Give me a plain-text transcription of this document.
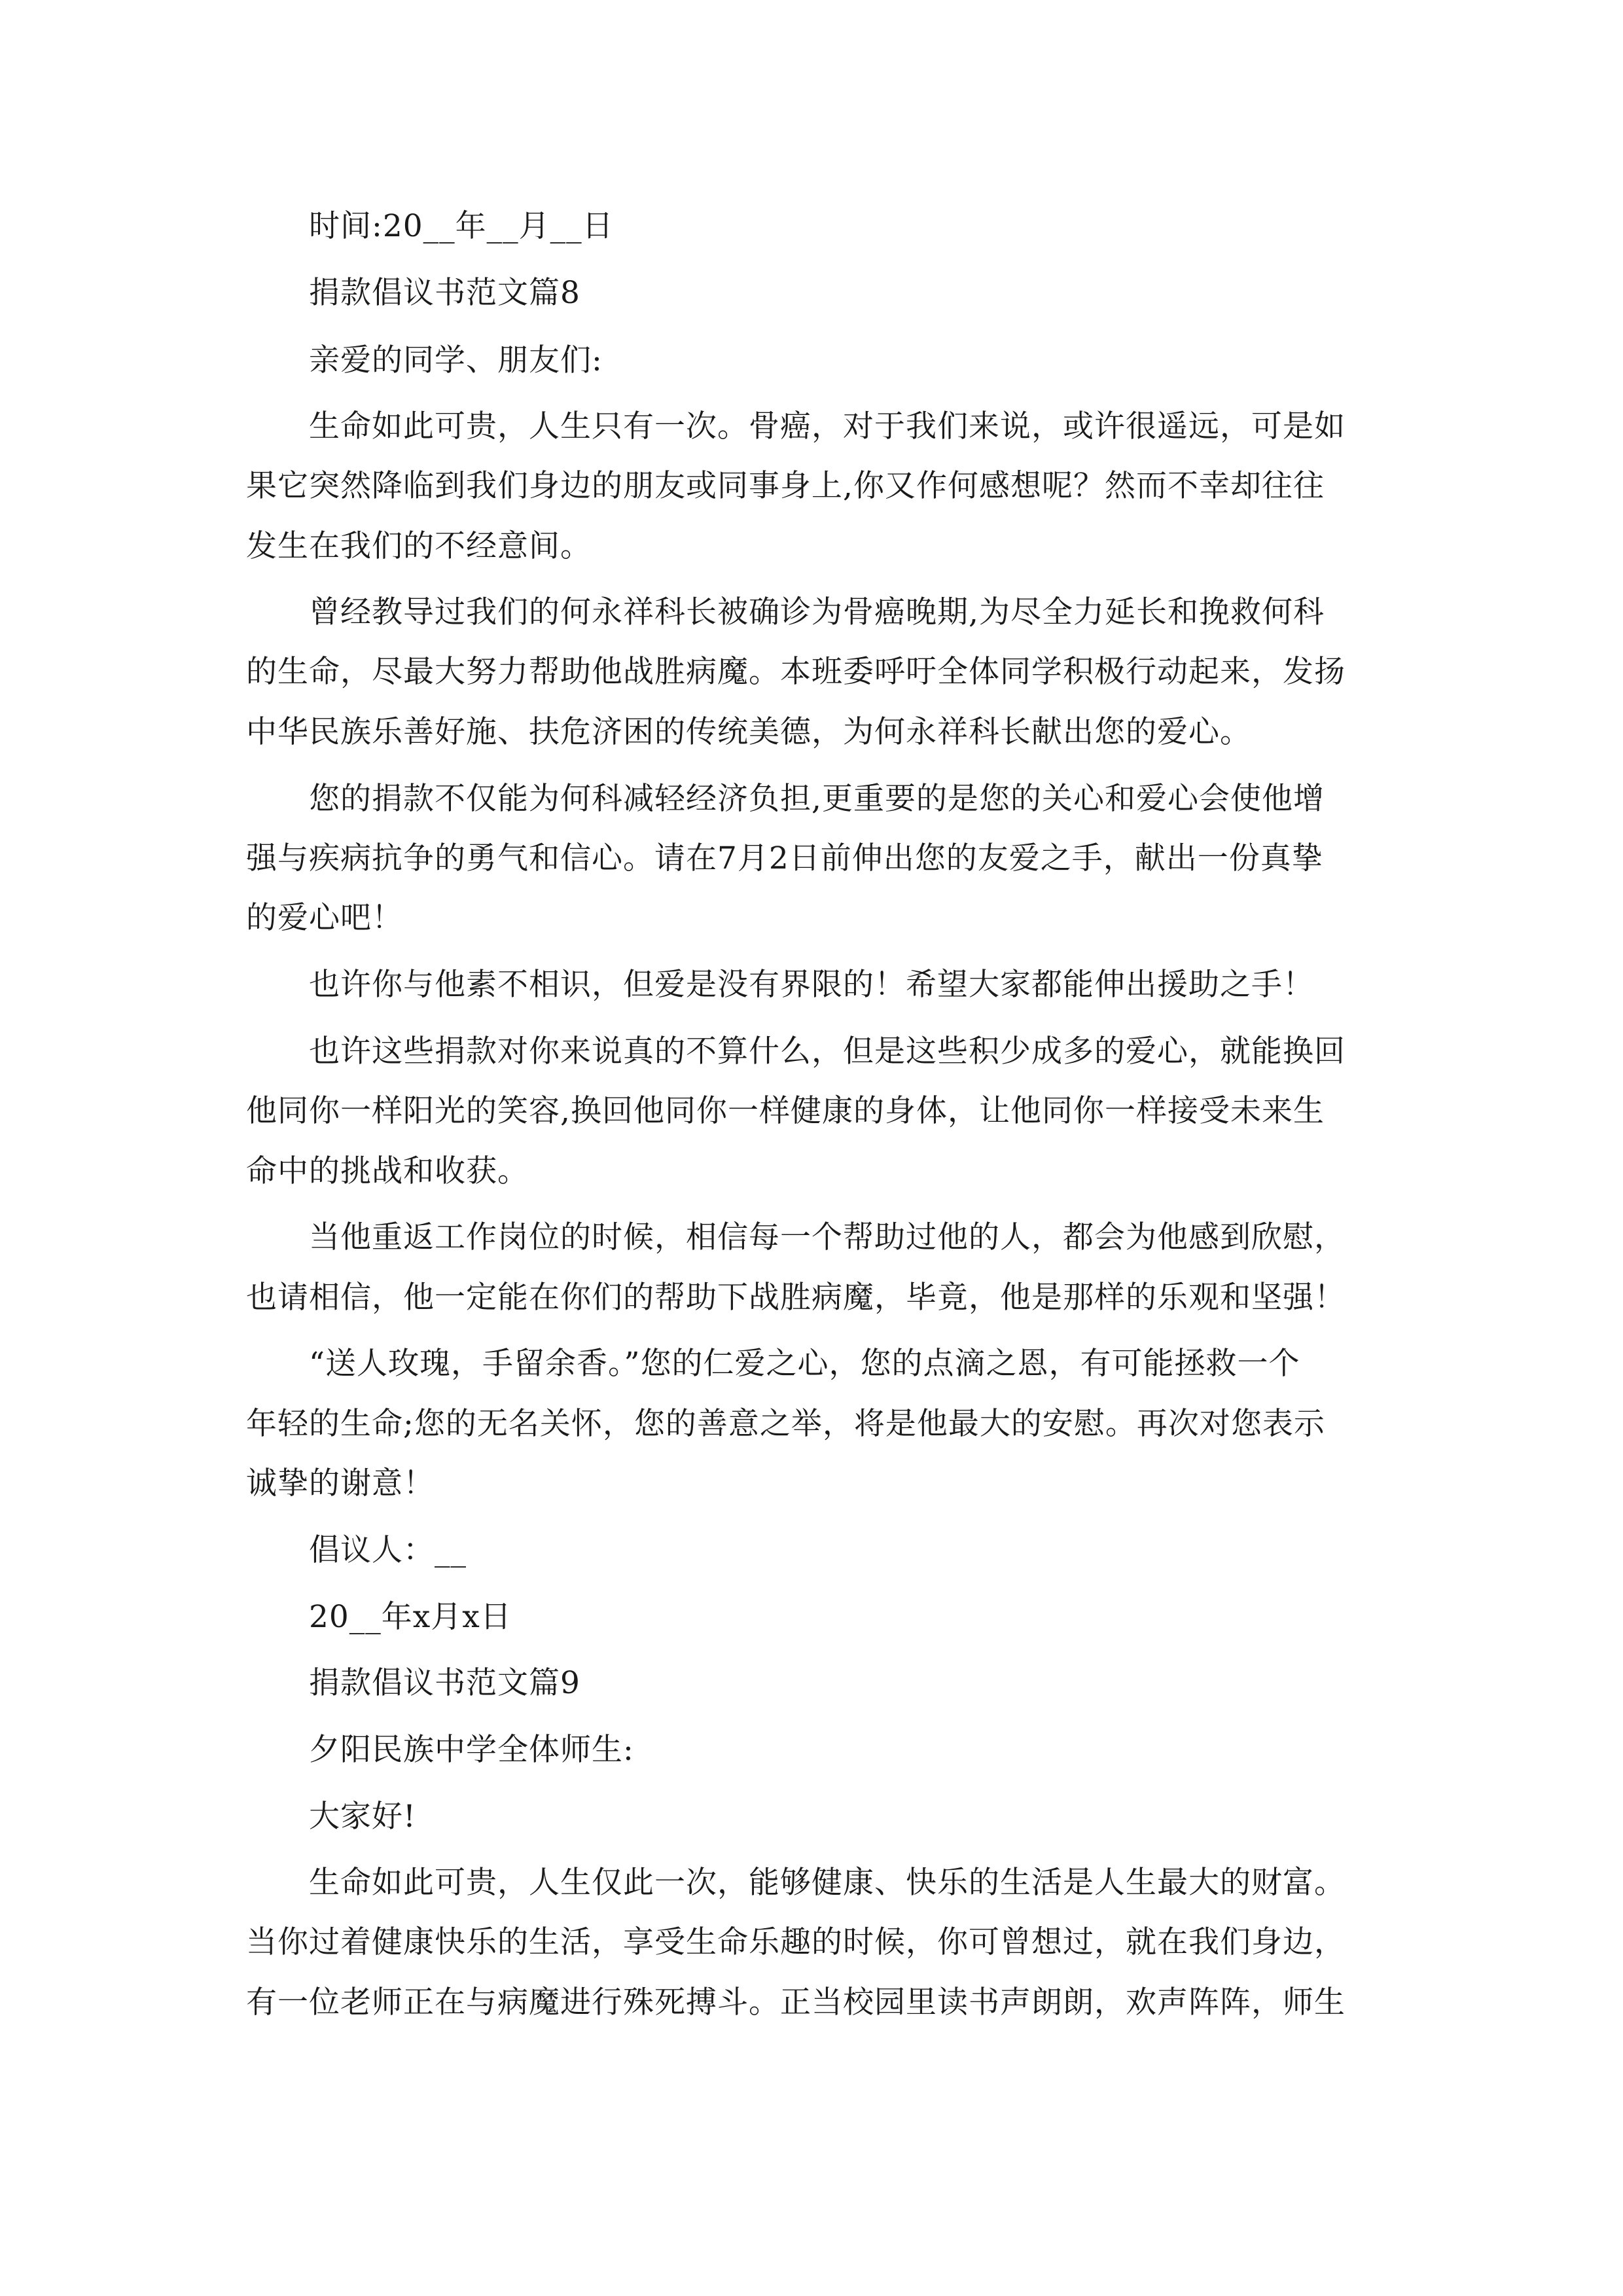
时间:20__年__月__日
捐款倡议书范文篇8
亲爱的同学、朋友们:
生命如此可贵，人生只有一次。骨癌，对于我们来说，或许很遥远，可是如
果它突然降临到我们身边的朋友或同事身上,你又作何感想呢？然而不幸却往往
发生在我们的不经意间。
曾经教导过我们的何永祥科长被确诊为骨癌晚期,为尽全力延长和挽救何科
的生命，尽最大努力帮助他战胜病魔。本班委呼吁全体同学积极行动起来，发扬
中华民族乐善好施、扶危济困的传统美德，为何永祥科长献出您的爱心。
您的捐款不仅能为何科减轻经济负担,更重要的是您的关心和爱心会使他增
强与疾病抗争的勇气和信心。请在7月2日前伸出您的友爱之手，献出一份真挚
的爱心吧！
也许你与他素不相识，但爱是没有界限的！希望大家都能伸出援助之手！
也许这些捐款对你来说真的不算什么，但是这些积少成多的爱心，就能换回
他同你一样阳光的笑容,换回他同你一样健康的身体，让他同你一样接受未来生
命中的挑战和收获。
当他重返工作岗位的时候，相信每一个帮助过他的人，都会为他感到欣慰，
也请相信，他一定能在你们的帮助下战胜病魔，毕竟，他是那样的乐观和坚强！
“送人玫瑰，手留余香。”您的仁爱之心，您的点滴之恩，有可能拯救一个
年轻的生命;您的无名关怀，您的善意之举，将是他最大的安慰。再次对您表示
诚挚的谢意！
倡议人：__
20__年x月x日
捐款倡议书范文篇9
夕阳民族中学全体师生:
大家好!
生命如此可贵，人生仅此一次，能够健康、快乐的生活是人生最大的财富。
当你过着健康快乐的生活，享受生命乐趣的时候，你可曾想过，就在我们身边，
有一位老师正在与病魔进行殊死搏斗。正当校园里读书声朗朗，欢声阵阵，师生
